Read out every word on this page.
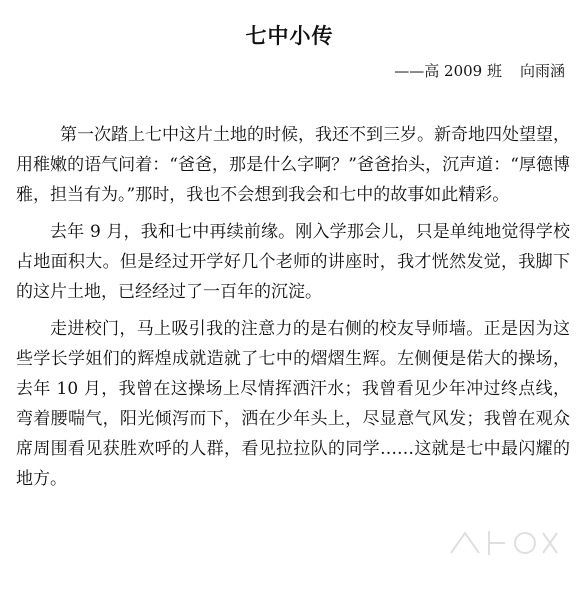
七中小传
——高 2009 班 向雨涵

第一次踏上七中这片土地的时候，我还不到三岁。新奇地四处望望，用稚嫩的语气问着：“爸爸，那是什么字啊？”爸爸抬头，沉声道：“厚德博雅，担当有为。”那时，我也不会想到我会和七中的故事如此精彩。

去年 9 月，我和七中再续前缘。刚入学那会儿，只是单纯地觉得学校占地面积大。但是经过开学好几个老师的讲座时，我才恍然发觉，我脚下的这片土地，已经经过了一百年的沉淀。

走进校门，马上吸引我的注意力的是右侧的校友导师墙。正是因为这些学长学姐们的辉煌成就造就了七中的熠熠生辉。左侧便是偌大的操场，去年 10 月，我曾在这操场上尽情挥洒汗水；我曾看见少年冲过终点线，弯着腰喘气，阳光倾泻而下，洒在少年头上，尽显意气风发；我曾在观众席周围看见获胜欢呼的人群，看见拉拉队的同学……这就是七中最闪耀的地方。
